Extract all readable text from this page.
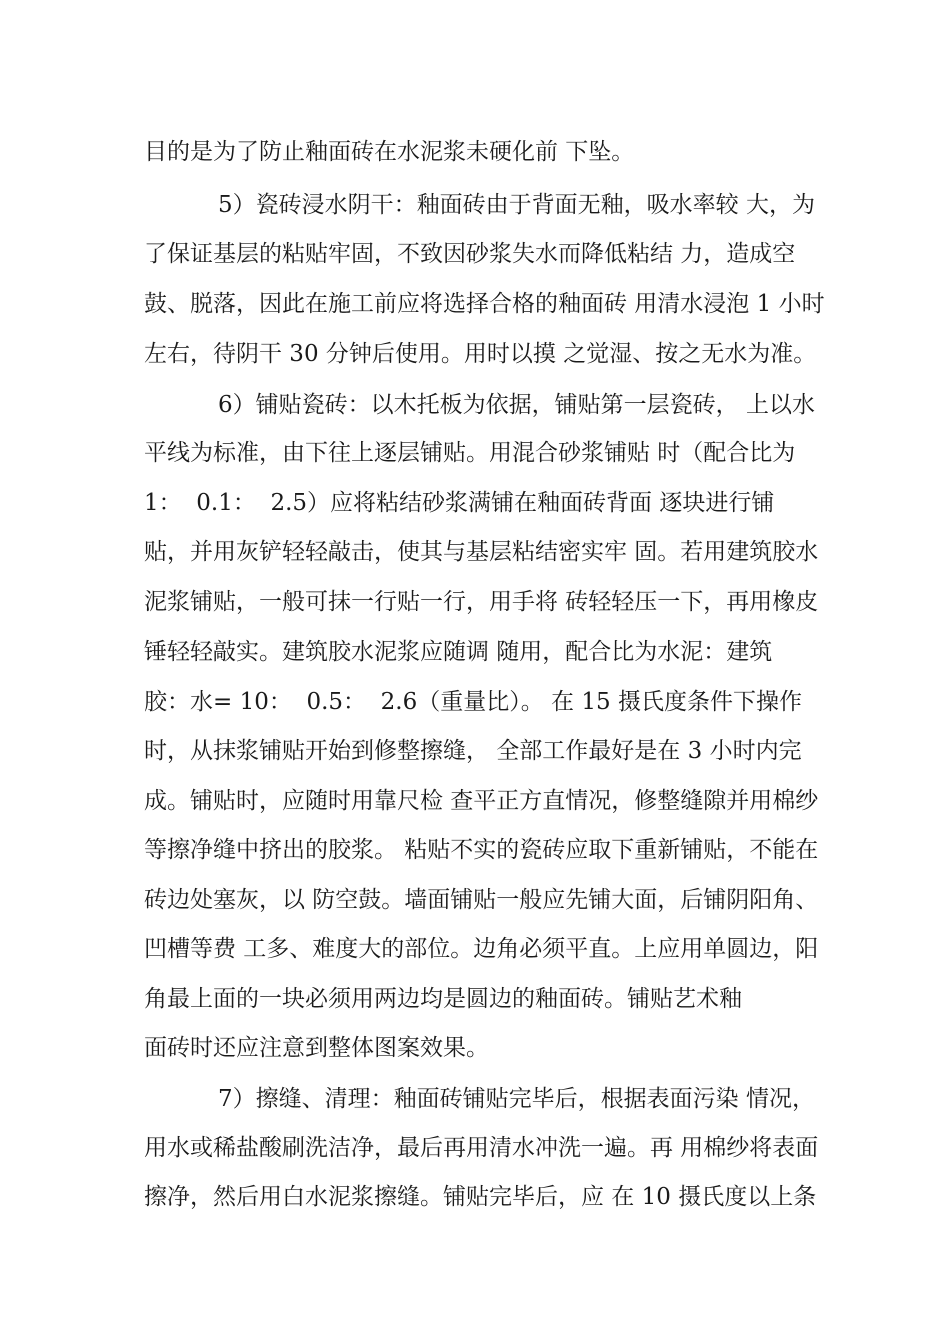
目的是为了防止釉面砖在水泥浆未硬化前 下坠。
5）瓷砖浸水阴干：釉面砖由于背面无釉，吸水率较 大，为
了保证基层的粘贴牢固，不致因砂浆失水而降低粘结 力，造成空
鼓、脱落，因此在施工前应将选择合格的釉面砖 用清水浸泡 1 小时
左右，待阴干 30 分钟后使用。用时以摸 之觉湿、按之无水为准。
6）铺贴瓷砖：以木托板为依据，铺贴第一层瓷砖， 上以水
平线为标准，由下往上逐层铺贴。用混合砂浆铺贴 时（配合比为
1：  0.1：  2.5）应将粘结砂浆满铺在釉面砖背面 逐块进行铺
贴，并用灰铲轻轻敲击，使其与基层粘结密实牢 固。若用建筑胶水
泥浆铺贴，一般可抹一行贴一行，用手将 砖轻轻压一下，再用橡皮
锤轻轻敲实。建筑胶水泥浆应随调 随用，配合比为水泥：建筑
胶：水= 10：  0.5：  2.6（重量比）。 在 15 摄氏度条件下操作
时，从抹浆铺贴开始到修整擦缝， 全部工作最好是在 3 小时内完
成。铺贴时，应随时用靠尺检 查平正方直情况，修整缝隙并用棉纱
等擦净缝中挤出的胶浆。 粘贴不实的瓷砖应取下重新铺贴，不能在
砖边处塞灰，以 防空鼓。墙面铺贴一般应先铺大面，后铺阴阳角、
凹槽等费 工多、难度大的部位。边角必须平直。上应用单圆边，阳
角最上面的一块必须用两边均是圆边的釉面砖。铺贴艺术釉
面砖时还应注意到整体图案效果。
7）擦缝、清理：釉面砖铺贴完毕后，根据表面污染 情况，
用水或稀盐酸刷洗洁净，最后再用清水冲洗一遍。再 用棉纱将表面
擦净，然后用白水泥浆擦缝。铺贴完毕后，应 在 10 摄氏度以上条
